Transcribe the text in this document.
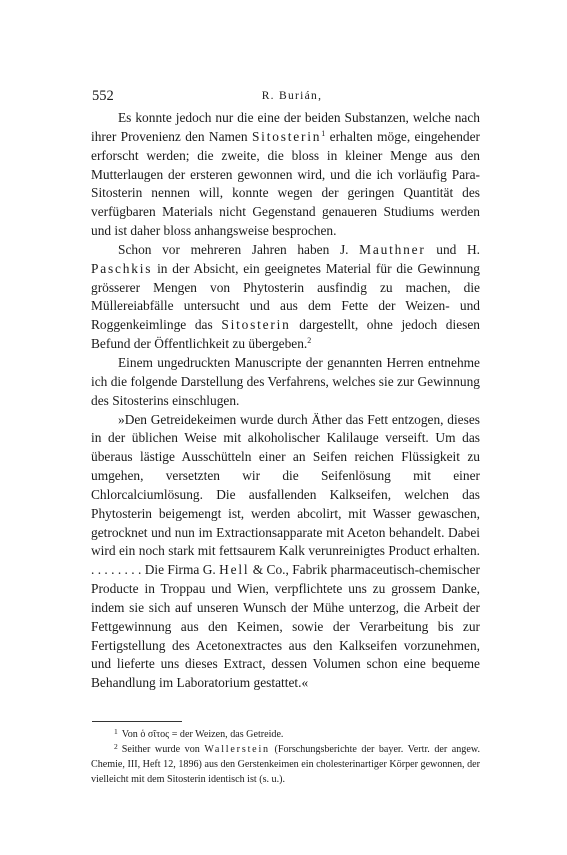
552	R. Burián,

Es konnte jedoch nur die eine der beiden Substanzen, welche nach ihrer Provenienz den Namen Sitosterin$^1$ erhalten möge, eingehender erforscht werden; die zweite, die bloss in kleiner Menge aus den Mutterlaugen der ersteren gewonnen wird, und die ich vorläufig Para-Sitosterin nennen will, konnte wegen der geringen Quantität des verfügbaren Materials nicht Gegenstand genaueren Studiums werden und ist daher bloss anhangsweise besprochen.

Schon vor mehreren Jahren haben J. Mauthner und H. Paschkis in der Absicht, ein geeignetes Material für die Gewinnung grösserer Mengen von Phytosterin ausfindig zu machen, die Müllereiabfälle untersucht und aus dem Fette der Weizen- und Roggenkeimlinge das Sitosterin dargestellt, ohne jedoch diesen Befund der Öffentlichkeit zu übergeben.$^2$

Einem ungedruckten Manuscripte der genannten Herren entnehme ich die folgende Darstellung des Verfahrens, welches sie zur Gewinnung des Sitosterins einschlugen.

»Den Getreidekeimen wurde durch Äther das Fett entzogen, dieses in der üblichen Weise mit alkoholischer Kalilauge verseift. Um das überaus lästige Ausschütteln einer an Seifen reichen Flüssigkeit zu umgehen, versetzten wir die Seifenlösung mit einer Chlorcalciumlösung. Die ausfallenden Kalkseifen, welchen das Phytosterin beigemengt ist, werden abcolirt, mit Wasser gewaschen, getrocknet und nun im Extractionsapparate mit Aceton behandelt. Dabei wird ein noch stark mit fettsaurem Kalk verunreinigtes Product erhalten. . . . . . . . . Die Firma G. Hell & Co., Fabrik pharmaceutisch-chemischer Producte in Troppau und Wien, verpflichtete uns zu grossem Danke, indem sie sich auf unseren Wunsch der Mühe unterzog, die Arbeit der Fettgewinnung aus den Keimen, sowie der Verarbeitung bis zur Fertigstellung des Acetonextractes aus den Kalkseifen vorzunehmen, und lieferte uns dieses Extract, dessen Volumen schon eine bequeme Behandlung im Laboratorium gestattet.«

$^1$ Von ὁ σῖτος = der Weizen, das Getreide.

$^2$ Seither wurde von Wallerstein (Forschungsberichte der bayer. Vertr. der angew. Chemie, III, Heft 12, 1896) aus den Gerstenkeimen ein cholesterinartiger Körper gewonnen, der vielleicht mit dem Sitosterin identisch ist (s. u.).
